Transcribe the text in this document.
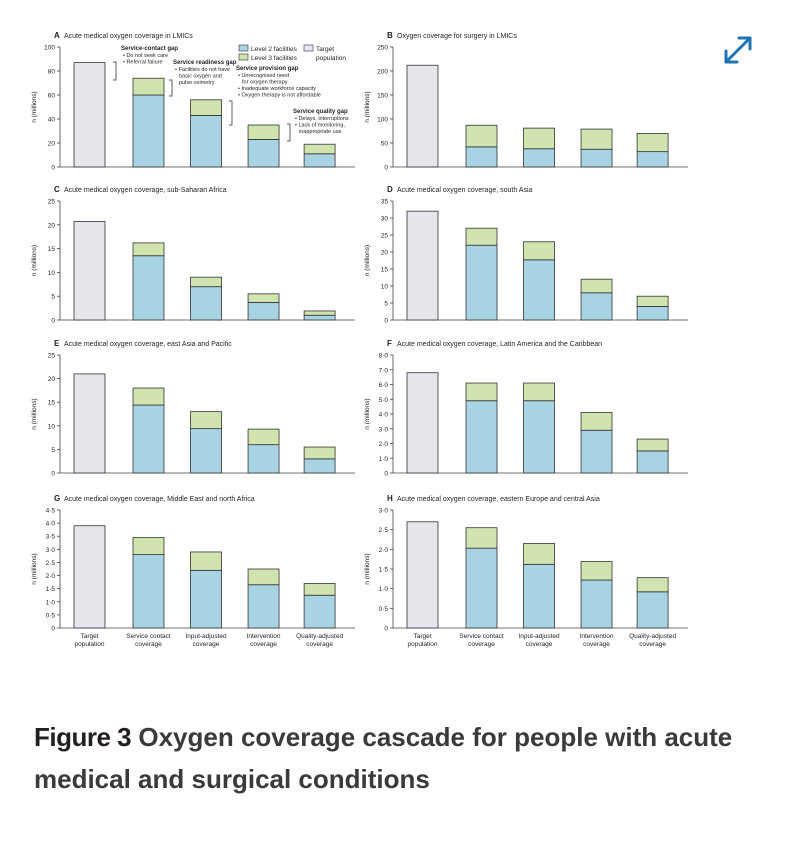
A Acute medical oxygen coverage in LMICs
0
20
40
60
80
100
n (millions)
Level 2 facilities
Level 3 facilities
Target
population
Service-contact gap
• Do not seek care
• Referral failure Service readiness gap
• Facilities do not have
basic oxygen and
pulse oximetry
Service provision gap
• Unrecognised need
for oxygen therapy
• Inadequate workforce capacity
• Oxygen therapy is not affordable
Service quality gap
• Delays, interruptions
• Lack of monitoring,
inappropriate use
B Oxygen coverage for surgery in LMICs
0
50
100
150
200
250
n (millions)
C Acute medical oxygen coverage, sub-Saharan Africa
0
5
10
15
20
25
n (millions)
D Acute medical oxygen coverage, south Asia
0
5
10
15
20
25
30
35
n (millions)
E Acute medical oxygen coverage, east Asia and Pacific
0
5
10
15
20
25
n (millions)
F Acute medical oxygen coverage, Latin America and the Caribbean
0
1·0
2·0
3·0
4·0
5·0
6·0
7·0
8·0
n (millions)
G Acute medical oxygen coverage, Middle East and north Africa
0
0·5
1·0
1·5
2·0
2·5
3·0
3·5
4·0
4·5
n (millions)
Target
population
Service contact
coverage
Input-adjusted
coverage
Intervention
coverage
Quality-adjusted
coverage
H Acute medical oxygen coverage, eastern Europe and central Asia
0
0·5
1·0
1·5
2·0
2·5
3·0
n (millions)
Target
population
Service contact
coverage
Input-adjusted
coverage
Intervention
coverage
Quality-adjusted
coverage
Figure 3 Oxygen coverage cascade for people with acute
medical and surgical conditions
